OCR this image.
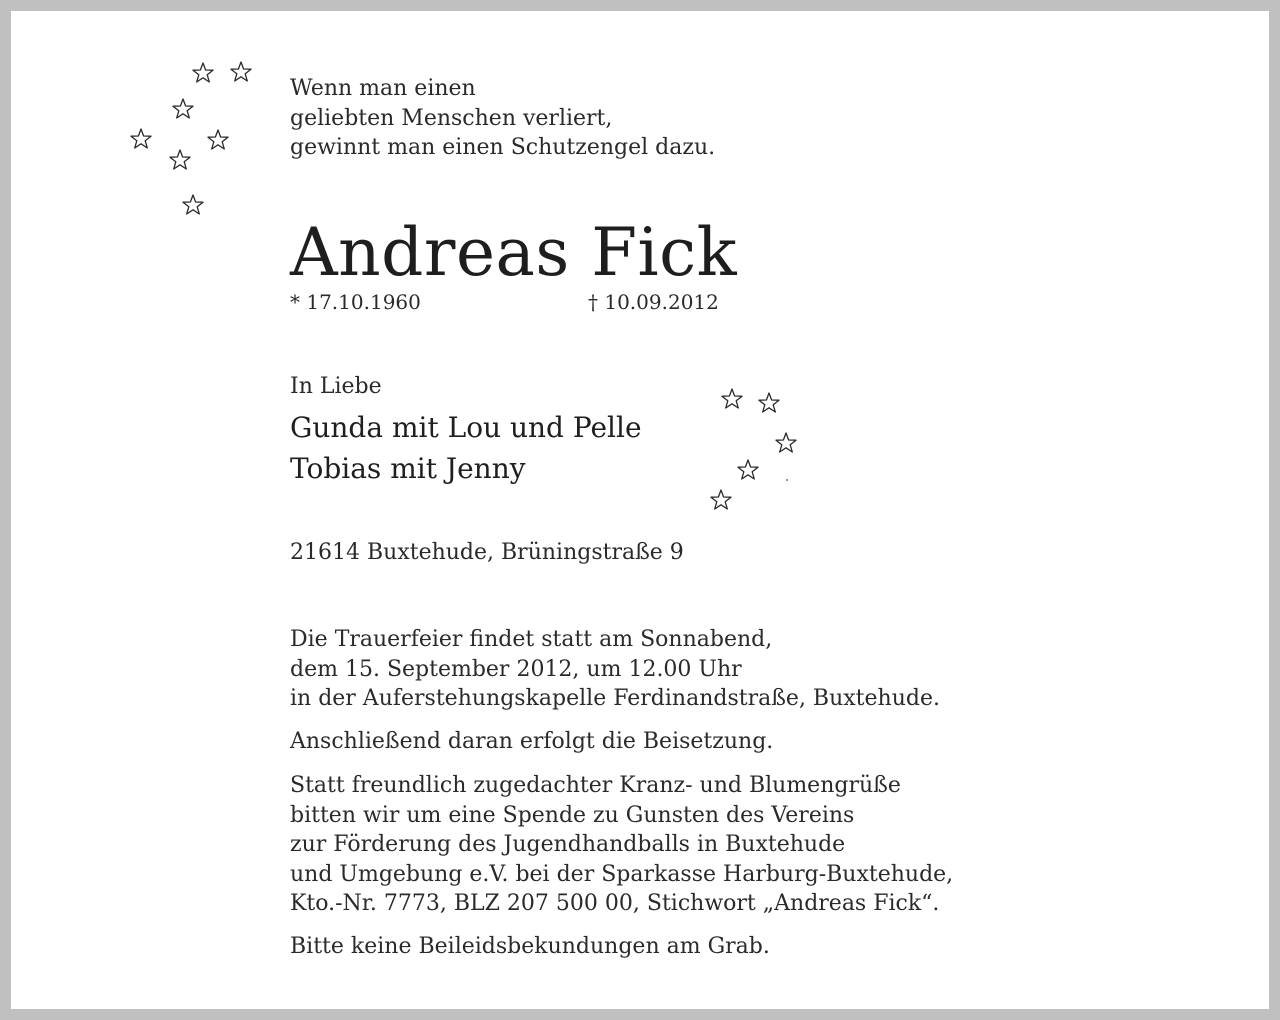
Wenn man einen
geliebten Menschen verliert,
gewinnt man einen Schutzengel dazu.
Andreas Fick
* 17.10.1960	† 10.09.2012
In Liebe
Gunda mit Lou und Pelle
Tobias mit Jenny
21614 Buxtehude, Brüningstraße 9
Die Trauerfeier findet statt am Sonnabend,
dem 15. September 2012, um 12.00 Uhr
in der Auferstehungskapelle Ferdinandstraße, Buxtehude.
Anschließend daran erfolgt die Beisetzung.
Statt freundlich zugedachter Kranz- und Blumengrüße
bitten wir um eine Spende zu Gunsten des Vereins
zur Förderung des Jugendhandballs in Buxtehude
und Umgebung e.V. bei der Sparkasse Harburg-Buxtehude,
Kto.-Nr. 7773, BLZ 207 500 00, Stichwort „Andreas Fick“.
Bitte keine Beileidsbekundungen am Grab.
